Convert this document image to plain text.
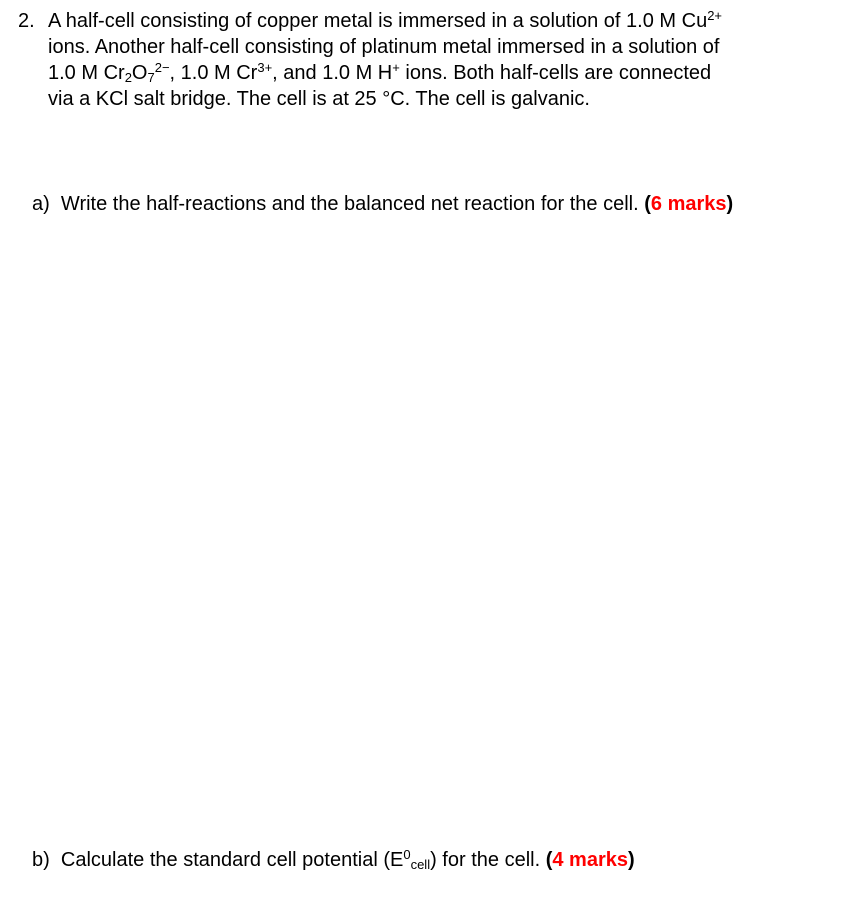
2. A half-cell consisting of copper metal is immersed in a solution of 1.0 M $Cu^{2+}$
ions. Another half-cell consisting of platinum metal immersed in a solution of
1.0 M $Cr_2O_7^{2-}$, 1.0 M $Cr^{3+}$, and 1.0 M H+ ions. Both half-cells are connected
via a KCl salt bridge. The cell is at 25 °C. The cell is galvanic.
a) Write the half-reactions and the balanced net reaction for the cell. (6 marks)
b) Calculate the standard cell potential $(E^0_{cell})$ for the cell. (4 marks)
